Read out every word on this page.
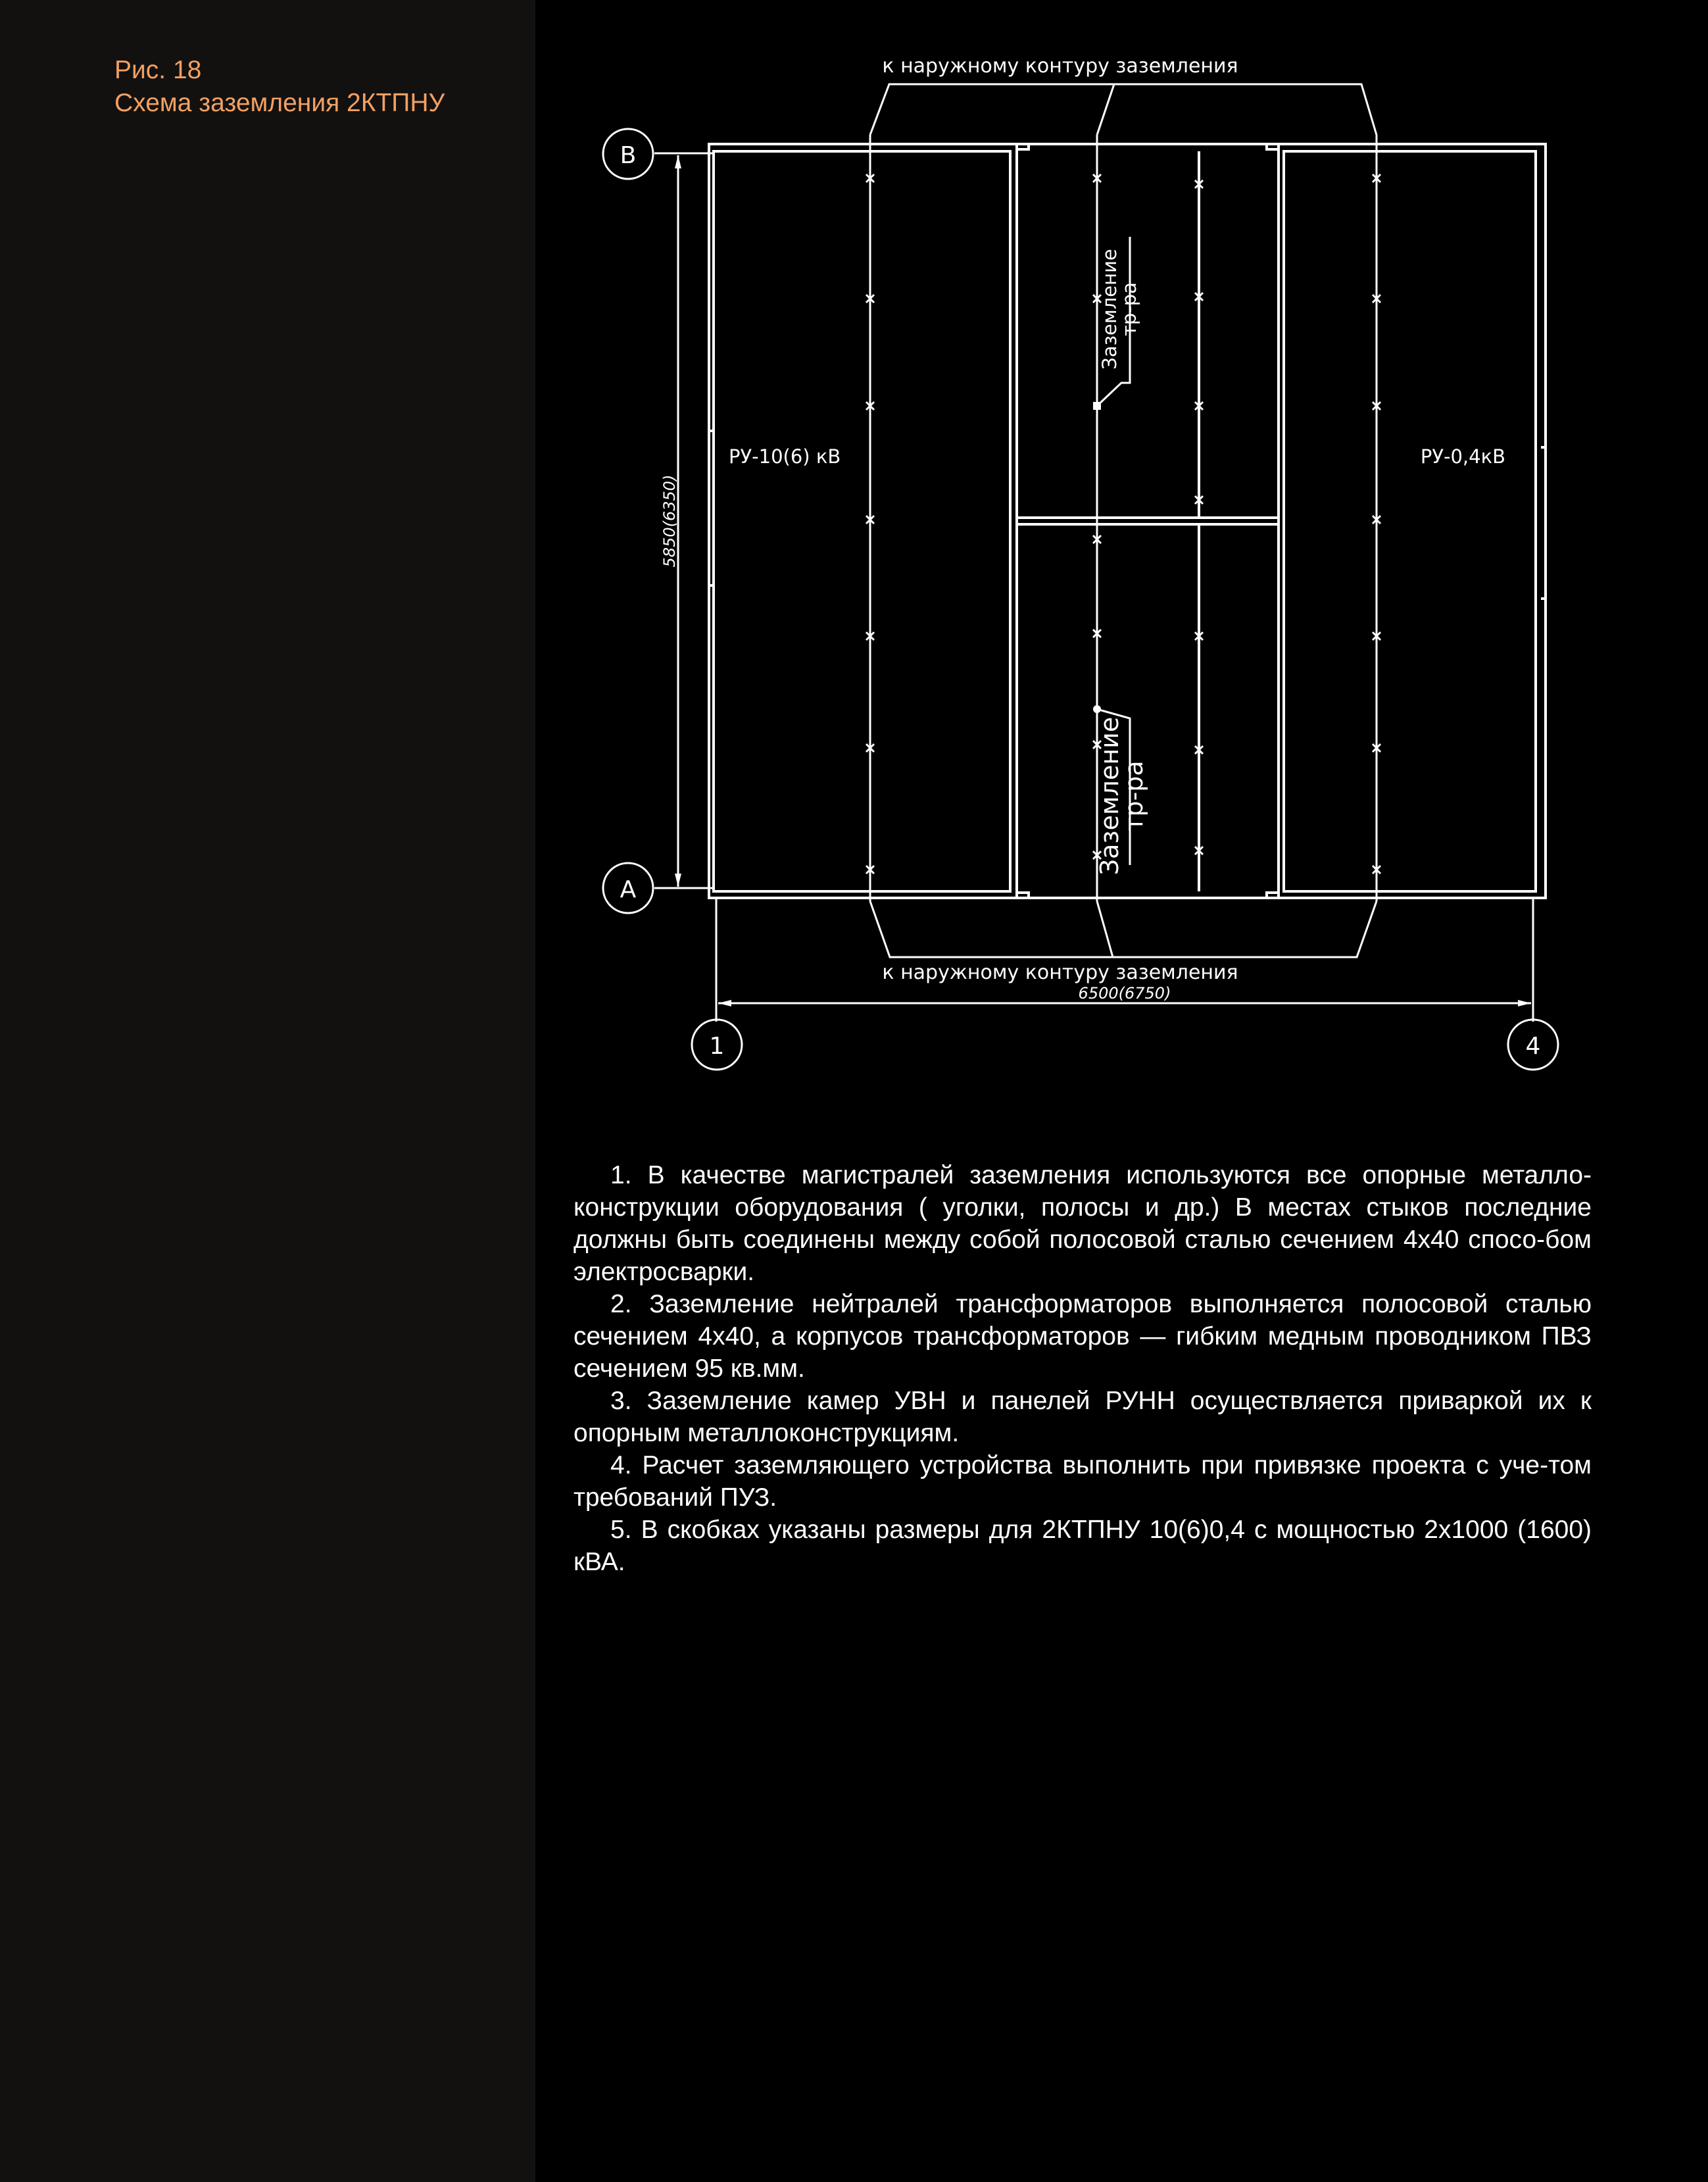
Рис. 18
Схема заземления 2КТПНУ
В
А
1	4
к наружному контуру заземления
к наружному контуру заземления
РУ-10(6) кВ	РУ-0,4кВ
6500(6750)
5850(6350)
Заземление
тр-ра
Заземление
тр-ра

1. В качестве магистралей заземления используются все опорные металло-конструкции оборудования ( уголки, полосы и др.) В местах стыков последние должны быть соединены между собой полосовой сталью сечением 4х40 спосо-бом электросварки.

2. Заземление нейтралей трансформаторов выполняется полосовой сталью сечением 4х40, а корпусов трансформаторов — гибким медным проводником ПВЗ сечением 95 кв.мм.

3. Заземление камер УВН и панелей РУНН осуществляется приваркой их к опорным металлоконструкциям.

4. Расчет заземляющего устройства выполнить при привязке проекта с уче-том требований ПУЗ.

5. В скобках указаны размеры для 2КТПНУ 10(6)0,4 с мощностью 2х1000 (1600) кВА.
